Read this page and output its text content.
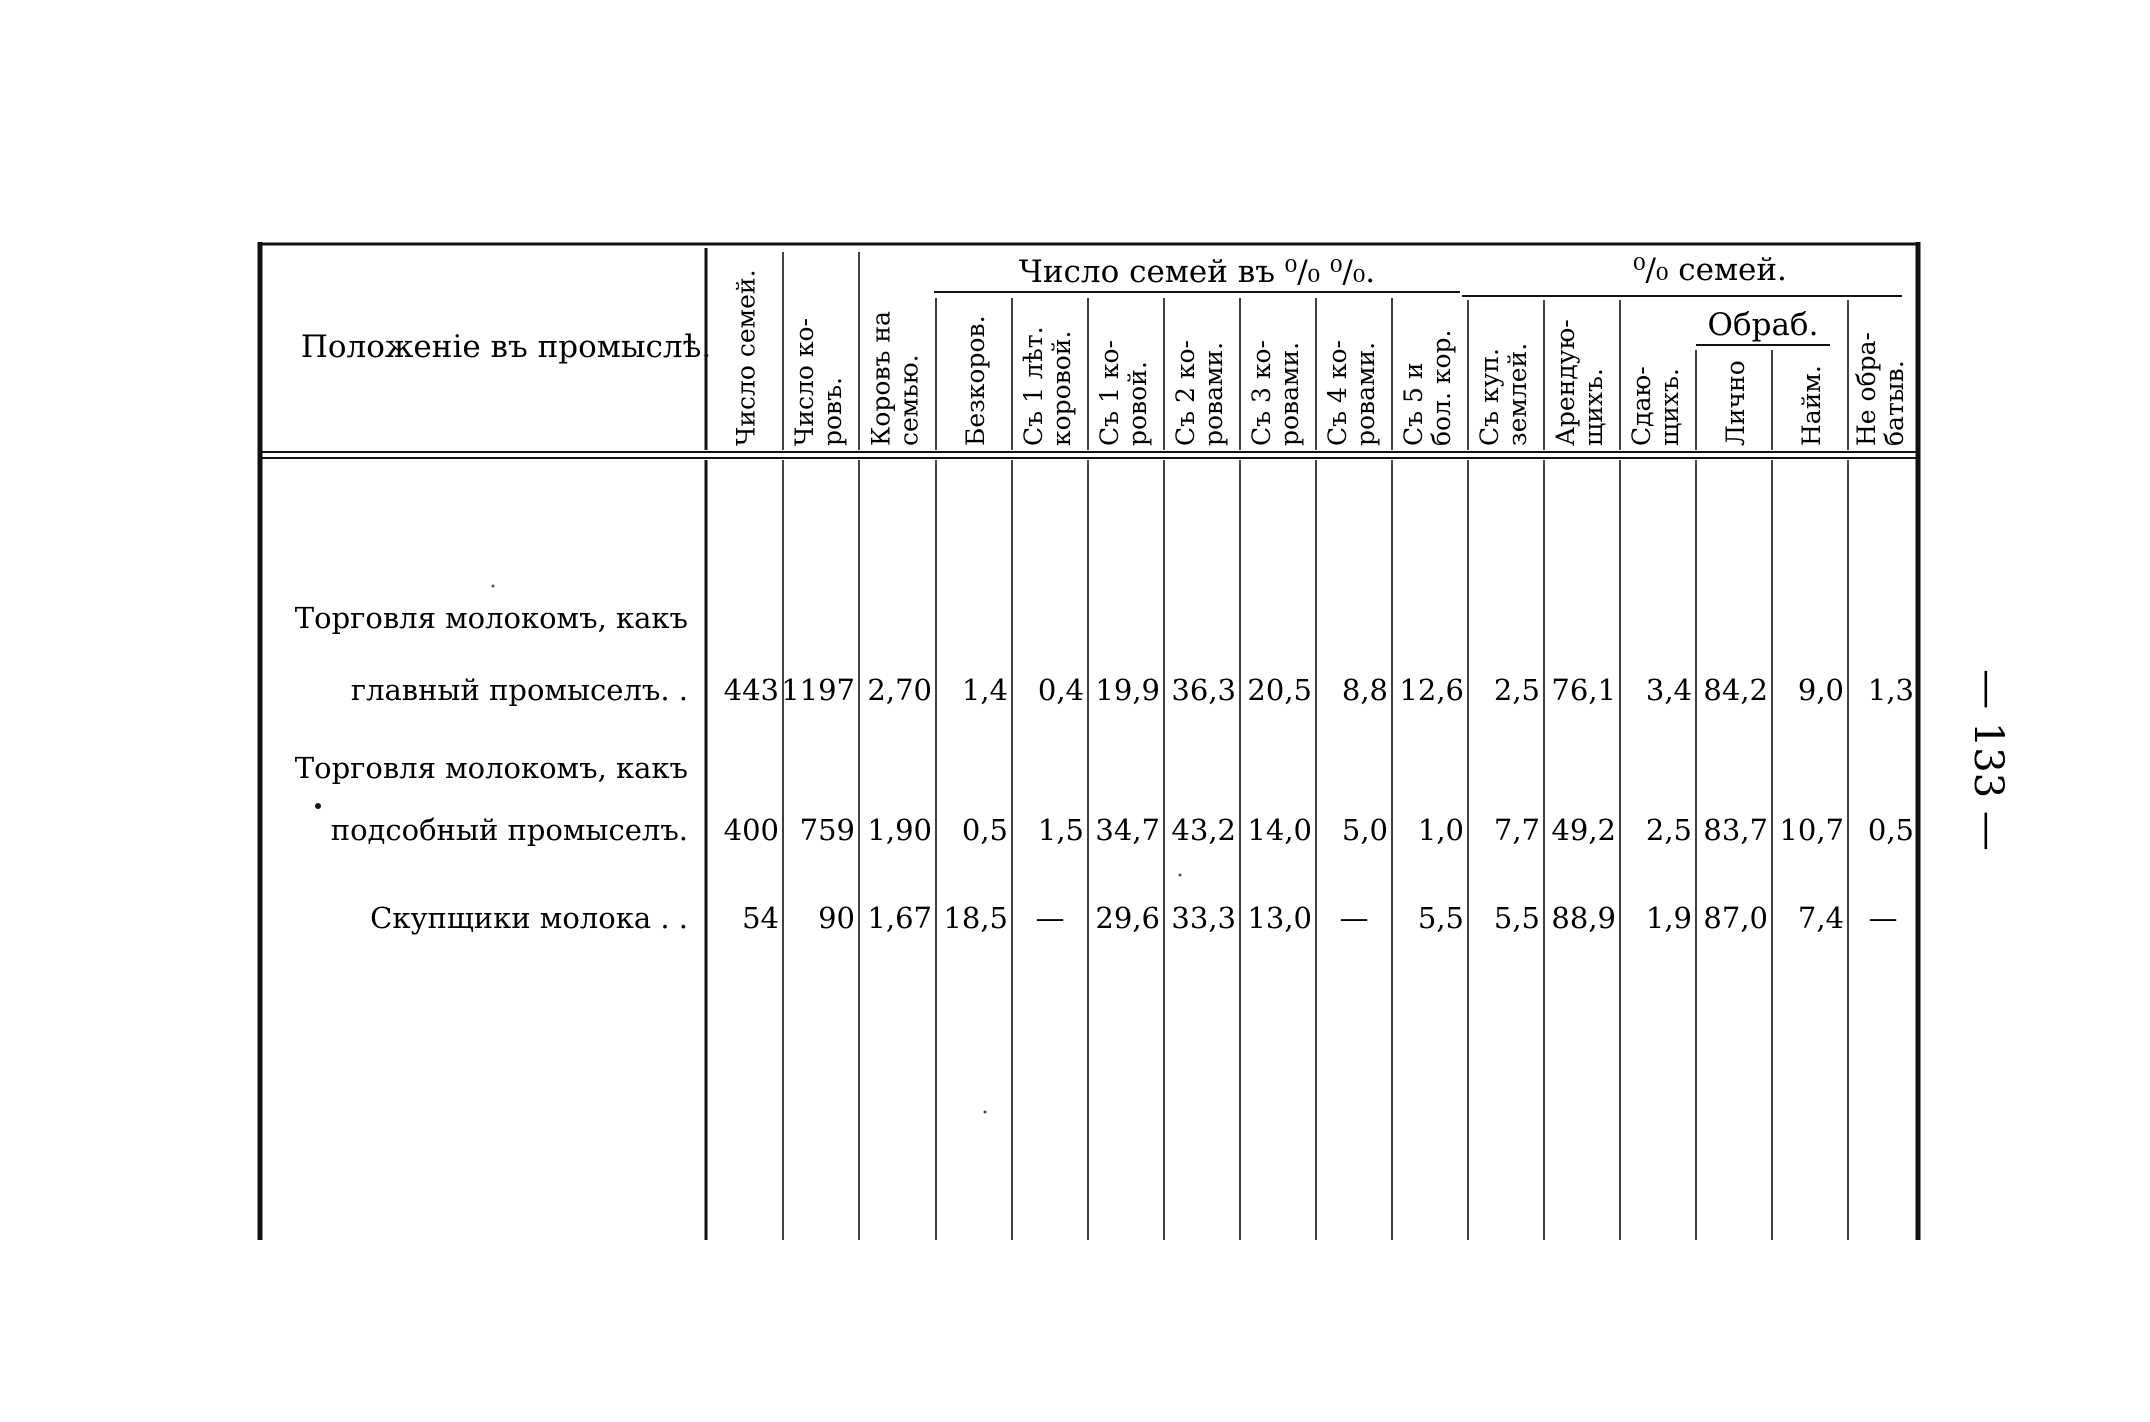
Положеніе въ промыслѣ.
Число семей въ ⁰/₀ ⁰/₀.	⁰/₀ семей.
Обраб.
Число семей. Число ко- ровъ. Коровъ на семью. Безкоров. Съ 1 лѣт. коровой. Съ 1 ко- ровой. Съ 2 ко- ровами. Съ 3 ко- ровами. Съ 4 ко- ровами. Съ 5 и бол. кор. Съ куп. землей. Арендую- щихъ. Сдаю- щихъ. Лично Найм. Не обра- батыв.
Торговля молокомъ, какъ
главный промыселъ. . 443 1197 2,70 1,4 0,4 19,9 36,3 20,5 8,8 12,6 2,5 76,1 3,4 84,2 9,0 1,3
Торговля молокомъ, какъ
подсобный промыселъ. 400 759 1,90 0,5 1,5 34,7 43,2 14,0 5,0 1,0 7,7 49,2 2,5 83,7 10,7 0,5
Скупщики молока . . 54 90 1,67 18,5 — 29,6 33,3 13,0 — 5,5 5,5 88,9 1,9 87,0 7,4 —
— 133 —
